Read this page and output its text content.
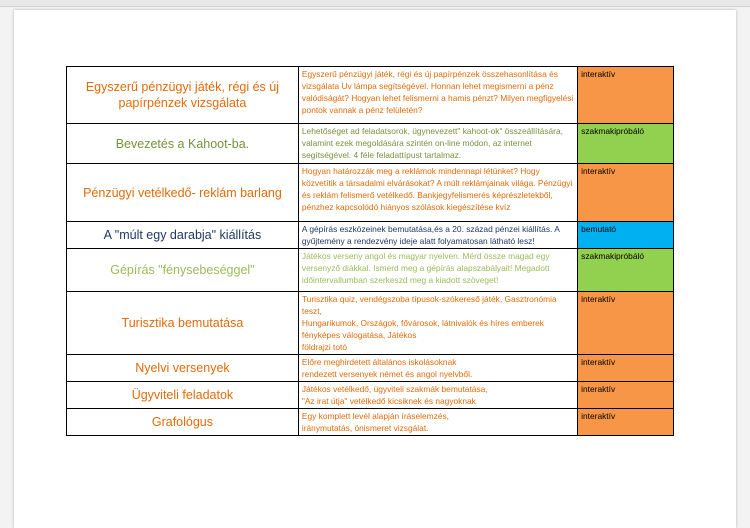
Egyszerű pénzügyi játék, régi és új papírpénzek vizsgálata	Egyszerű pénzügyi játék, régi és új papírpénzek összehasonlítása és vizsgálata Uv lámpa segítségével. Honnan lehet megismerni a pénz valódiságát? Hogyan lehet felismerni a hamis pénzt? Milyen megfigyelési pontok vannak a pénz felületén?	interaktív
Bevezetés a Kahoot-ba.	Lehetőséget ad feladatsorok, ügynevezett" kahoot-ok" összeállítására, valamint ezek megoldására szintén on-line módon, az internet segítségével. 4 féle feladattípust tartalmaz.	szakmakipróbáló
Pénzügyi vetélkedő- reklám barlang	Hogyan határozzák meg a reklámok mindennapi létünket? Hogy közvetítik a társadalmi elvárásokat? A múlt reklámjainak világa. Pénzügyi és reklám felismerő vetélkedő. Bankjegyfelismerés képrészletekből, pénzhez kapcsolódó hiányos szólások kiegészítése kvíz	interaktív
A "múlt egy darabja" kiállítás	A gépírás eszközeinek bemutatása,és a 20. század pénzei kiállítás. A gyűjtemény a rendezvény ideje alatt folyamatosan látható lesz!	bemutató
Gépírás "fénysebeséggel"	Játékos verseny angol és magyar nyelven. Mérd össze magad egy versenyző diákkal. Ismerd meg a gépírás alapszabályait! Megadott időintervallumban szerkeszd meg a kiadott szöveget!	szakmakipróbáló
Turisztika bemutatása	Turisztika quiz, vendégszoba típusok-szókereső játék, Gasztronómia teszt,
Hungarikumok, Országok, fővárosok, látnivalók és híres emberek fényképes válogatása, Játékos
földrajzi totó	interaktív
Nyelvi versenyek	Előre meghirdetett általános iskolásoknak
rendezett versenyek német és angol nyelvből.	interaktív
Ügyviteli feladatok	Játékos vetélkedő, ügyviteli szakmák bemutatása,
"Az irat útja" vetélkedő kicsiknek és nagyoknak	interaktív
Grafológus	Egy komplett levél alapján íráselemzés,
iránymutatás, önismeret vizsgálat.	interaktív
